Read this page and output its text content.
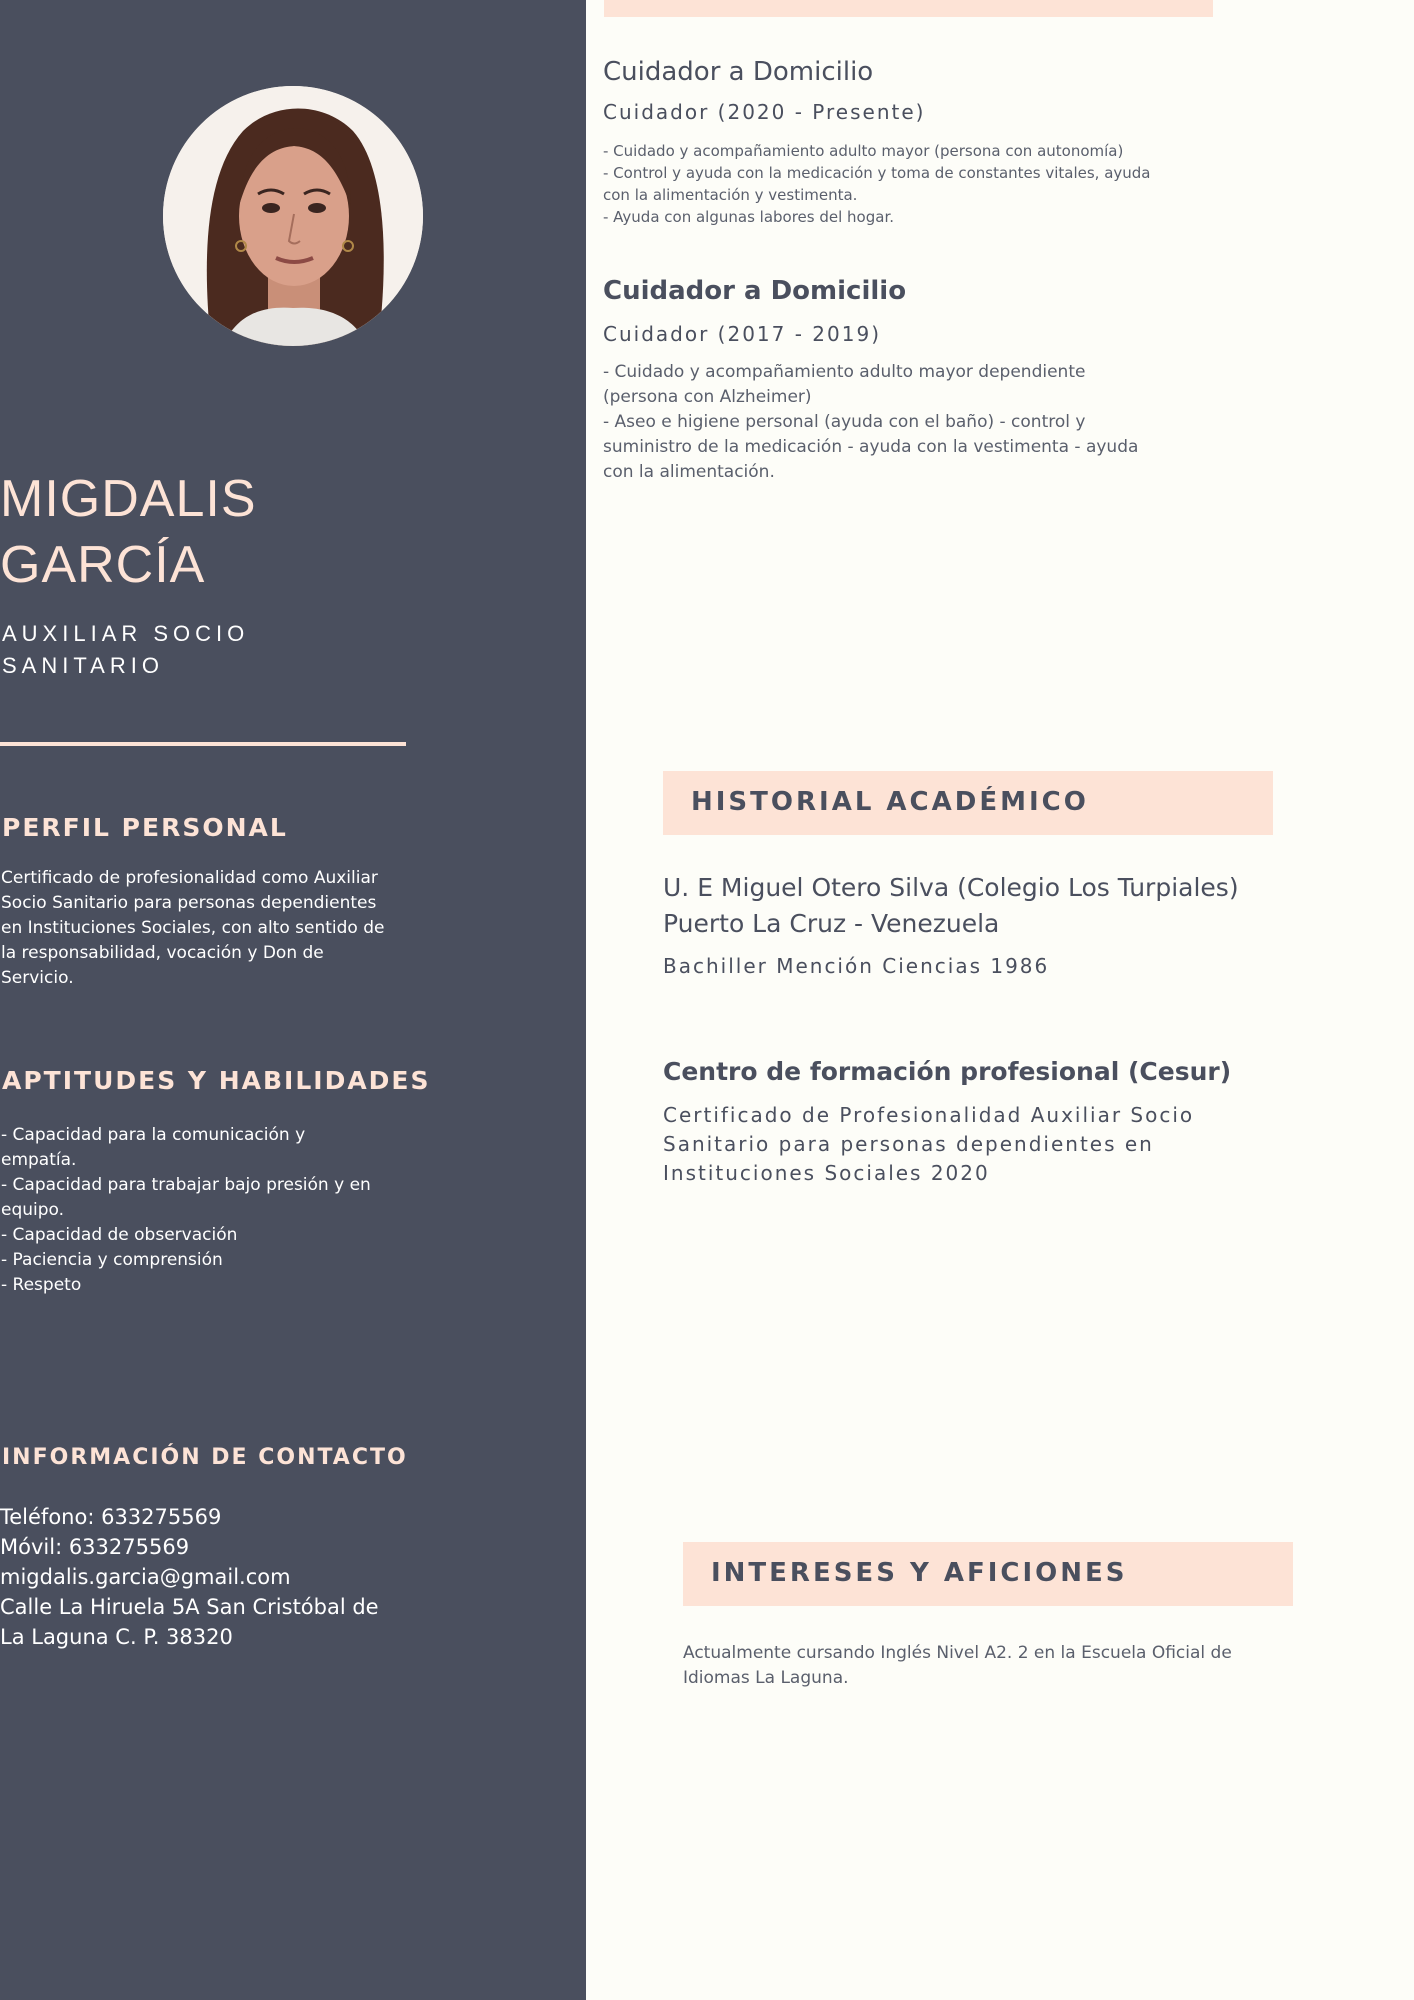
MIGDALIS
GARCÍA
AUXILIAR SOCIO
SANITARIO
PERFIL PERSONAL
Certificado de profesionalidad como Auxiliar
Socio Sanitario para personas dependientes
en Instituciones Sociales, con alto sentido de
la responsabilidad, vocación y Don de
Servicio.
APTITUDES Y HABILIDADES
- Capacidad para la comunicación y
empatía.
- Capacidad para trabajar bajo presión y en
equipo.
- Capacidad de observación
- Paciencia y comprensión
- Respeto
INFORMACIÓN DE CONTACTO
Teléfono: 633275569
Móvil: 633275569
migdalis.garcia@gmail.com
Calle La Hiruela 5A San Cristóbal de
La Laguna C. P. 38320
Cuidador a Domicilio
Cuidador (2020 - Presente)
- Cuidado y acompañamiento adulto mayor (persona con autonomía)
- Control y ayuda con la medicación y toma de constantes vitales, ayuda
con la alimentación y vestimenta.
- Ayuda con algunas labores del hogar.
Cuidador a Domicilio
Cuidador (2017 - 2019)
- Cuidado y acompañamiento adulto mayor dependiente
(persona con Alzheimer)
- Aseo e higiene personal (ayuda con el baño) - control y
suministro de la medicación - ayuda con la vestimenta - ayuda
con la alimentación.
HISTORIAL ACADÉMICO
U. E Miguel Otero Silva (Colegio Los Turpiales)
Puerto La Cruz - Venezuela
Bachiller Mención Ciencias 1986
Centro de formación profesional (Cesur)
Certificado de Profesionalidad Auxiliar Socio
Sanitario para personas dependientes en
Instituciones Sociales 2020
INTERESES Y AFICIONES
Actualmente cursando Inglés Nivel A2. 2 en la Escuela Oficial de Idiomas La Laguna.
